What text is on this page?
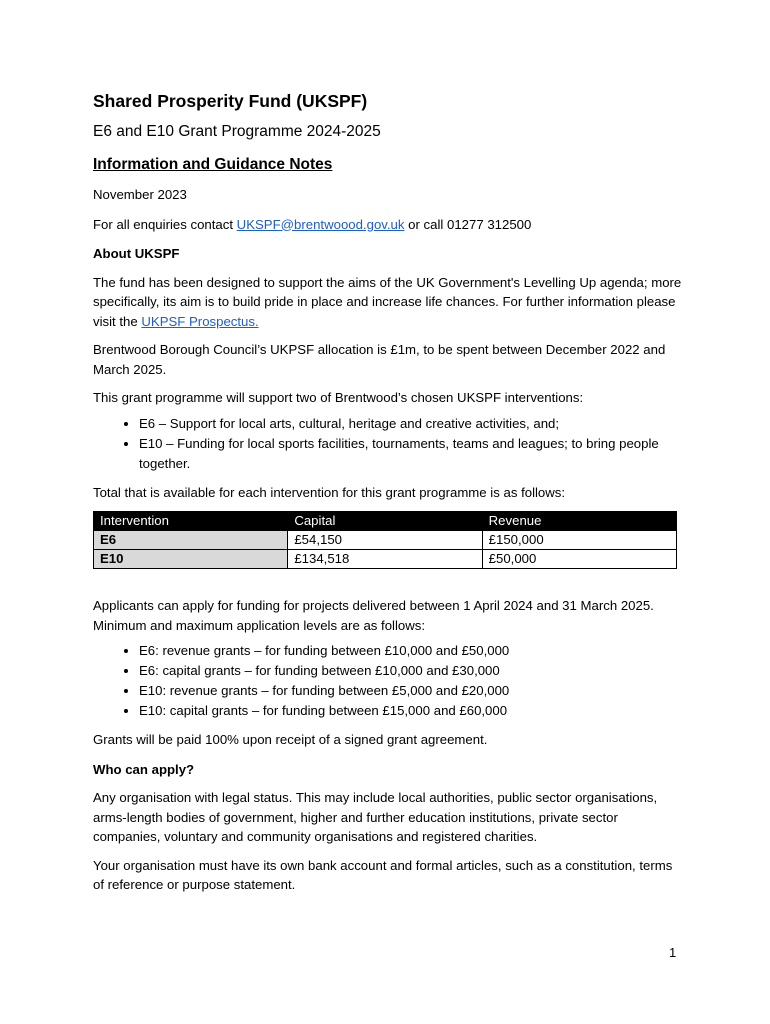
Shared Prosperity Fund (UKSPF)
E6 and E10 Grant Programme 2024-2025
Information and Guidance Notes

November 2023

For all enquiries contact UKSPF@brentwoood.gov.uk or call 01277 312500

About UKSPF

The fund has been designed to support the aims of the UK Government's Levelling Up agenda; more specifically, its aim is to build pride in place and increase life chances. For further information please visit the UKPSF Prospectus.

Brentwood Borough Council’s UKPSF allocation is £1m, to be spent between December 2022 and March 2025.

This grant programme will support two of Brentwood’s chosen UKSPF interventions:

• E6 – Support for local arts, cultural, heritage and creative activities, and;
• E10 – Funding for local sports facilities, tournaments, teams and leagues; to bring people together.

Total that is available for each intervention for this grant programme is as follows:

Intervention	Capital	Revenue
E6	£54,150	£150,000
E10	£134,518	£50,000

Applicants can apply for funding for projects delivered between 1 April 2024 and 31 March 2025. Minimum and maximum application levels are as follows:

• E6: revenue grants – for funding between £10,000 and £50,000
• E6: capital grants – for funding between £10,000 and £30,000
• E10: revenue grants – for funding between £5,000 and £20,000
• E10: capital grants – for funding between £15,000 and £60,000

Grants will be paid 100% upon receipt of a signed grant agreement.

Who can apply?

Any organisation with legal status. This may include local authorities, public sector organisations, arms-length bodies of government, higher and further education institutions, private sector companies, voluntary and community organisations and registered charities.

Your organisation must have its own bank account and formal articles, such as a constitution, terms of reference or purpose statement.

1
